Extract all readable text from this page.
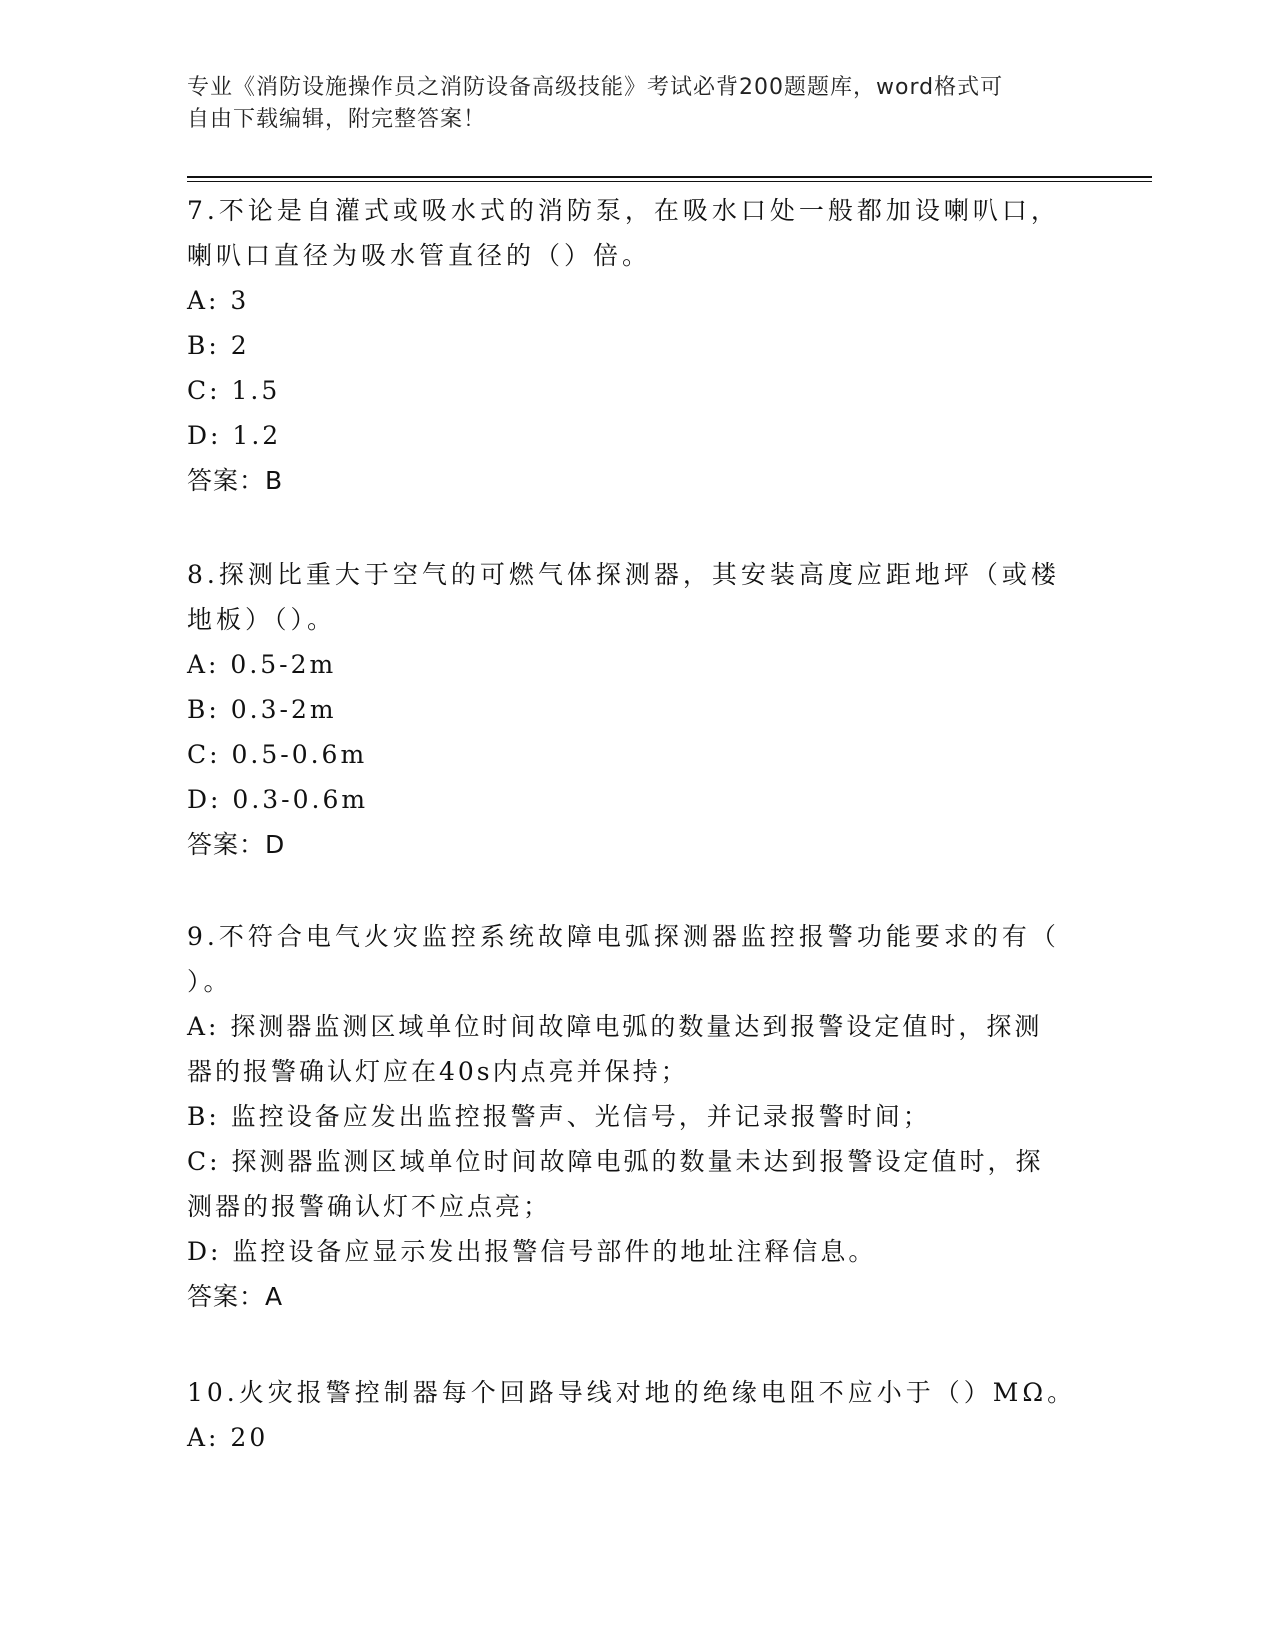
专业《消防设施操作员之消防设备高级技能》考试必背200题题库，word格式可
自由下载编辑，附完整答案！

7.不论是自灌式或吸水式的消防泵，在吸水口处一般都加设喇叭口，

喇叭口直径为吸水管直径的（）倍。

A: 3

B: 2

C: 1.5

D: 1.2

答案：B

8.探测比重大于空气的可燃气体探测器，其安装高度应距地坪（或楼

地板）（）。

A: 0.5-2m

B: 0.3-2m

C: 0.5-0.6m

D: 0.3-0.6m

答案：D

9.不符合电气火灾监控系统故障电弧探测器监控报警功能要求的有（

）。

A: 探测器监测区域单位时间故障电弧的数量达到报警设定值时，探测

器的报警确认灯应在40s内点亮并保持；

B: 监控设备应发出监控报警声、光信号，并记录报警时间；

C: 探测器监测区域单位时间故障电弧的数量未达到报警设定值时，探

测器的报警确认灯不应点亮；

D: 监控设备应显示发出报警信号部件的地址注释信息。

答案：A

10.火灾报警控制器每个回路导线对地的绝缘电阻不应小于（）MΩ。

A: 20
